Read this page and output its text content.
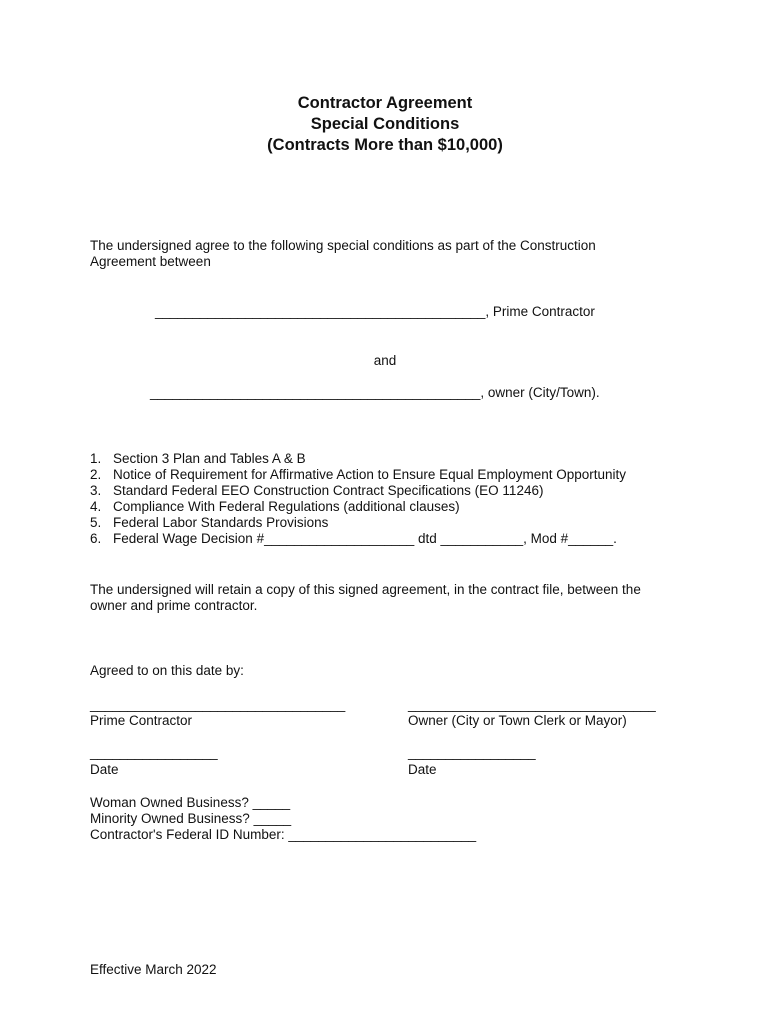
Contractor Agreement
Special Conditions
(Contracts More than $10,000)
The undersigned agree to the following special conditions as part of the Construction
Agreement between
____________________________________________, Prime Contractor
and
____________________________________________, owner (City/Town).
1. Section 3 Plan and Tables A & B
2. Notice of Requirement for Affirmative Action to Ensure Equal Employment Opportunity
3. Standard Federal EEO Construction Contract Specifications (EO 11246)
4. Compliance With Federal Regulations (additional clauses)
5. Federal Labor Standards Provisions
6. Federal Wage Decision #____________________ dtd ___________, Mod #______.
The undersigned will retain a copy of this signed agreement, in the contract file, between the
owner and prime contractor.
Agreed to on this date by:
__________________________________
Prime Contractor
_________________________________
Owner (City or Town Clerk or Mayor)
_________________
Date
_________________
Date
Woman Owned Business? _____
Minority Owned Business? _____
Contractor's Federal ID Number: _________________________
Effective March 2022
